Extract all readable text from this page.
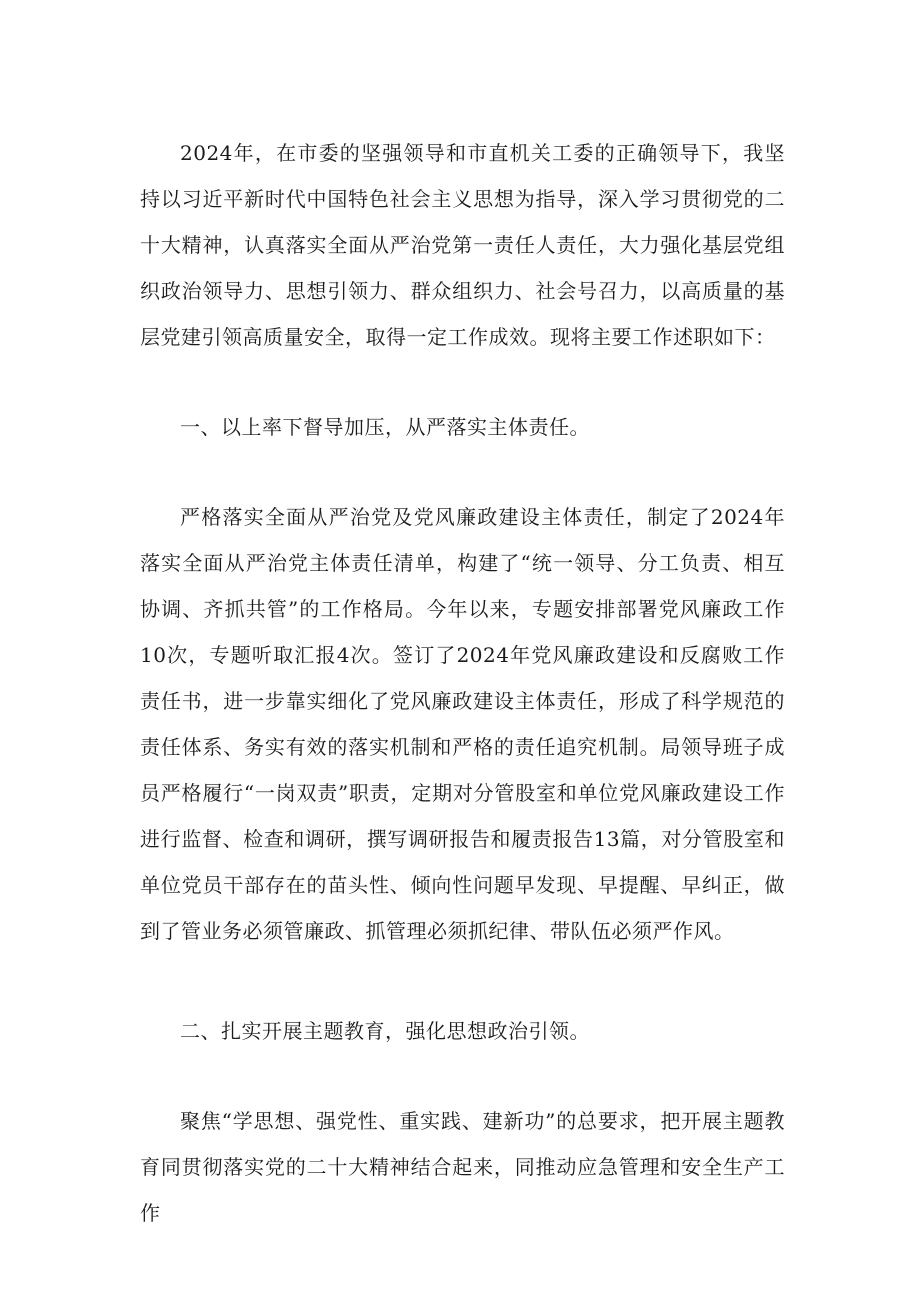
2024年，在市委的坚强领导和市直机关工委的正确领导下，我坚持以习近平新时代中国特色社会主义思想为指导，深入学习贯彻党的二十大精神，认真落实全面从严治党第一责任人责任，大力强化基层党组织政治领导力、思想引领力、群众组织力、社会号召力，以高质量的基层党建引领高质量安全，取得一定工作成效。现将主要工作述职如下：

一、以上率下督导加压，从严落实主体责任。

严格落实全面从严治党及党风廉政建设主体责任，制定了2024年落实全面从严治党主体责任清单，构建了“统一领导、分工负责、相互协调、齐抓共管”的工作格局。今年以来，专题安排部署党风廉政工作10次，专题听取汇报4次。签订了2024年党风廉政建设和反腐败工作责任书，进一步靠实细化了党风廉政建设主体责任，形成了科学规范的责任体系、务实有效的落实机制和严格的责任追究机制。局领导班子成员严格履行“一岗双责”职责，定期对分管股室和单位党风廉政建设工作进行监督、检查和调研，撰写调研报告和履责报告13篇，对分管股室和单位党员干部存在的苗头性、倾向性问题早发现、早提醒、早纠正，做到了管业务必须管廉政、抓管理必须抓纪律、带队伍必须严作风。

二、扎实开展主题教育，强化思想政治引领。

聚焦“学思想、强党性、重实践、建新功”的总要求，把开展主题教育同贯彻落实党的二十大精神结合起来，同推动应急管理和安全生产工作
